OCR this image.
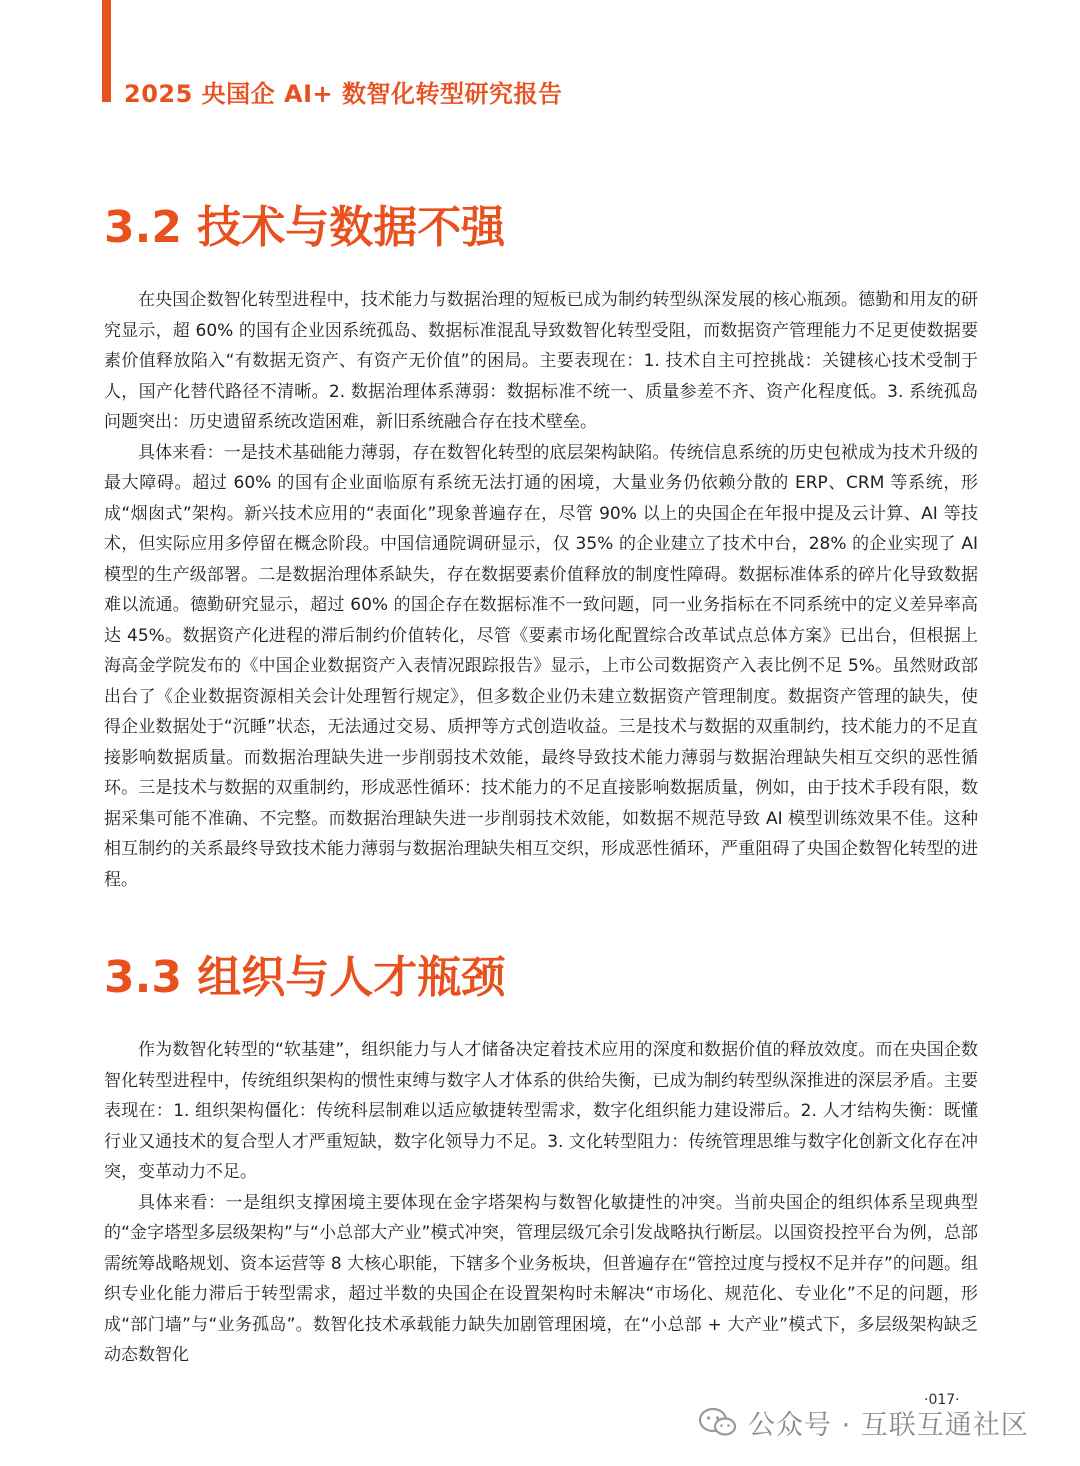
2025 央国企 AI+ 数智化转型研究报告
3.2 技术与数据不强

在央国企数智化转型进程中，技术能力与数据治理的短板已成为制约转型纵深发展的核心瓶颈。德勤和用友的研究显示，超 60% 的国有企业因系统孤岛、数据标准混乱导致数智化转型受阻，而数据资产管理能力不足更使数据要素价值释放陷入“有数据无资产、有资产无价值”的困局。主要表现在：1. 技术自主可控挑战：关键核心技术受制于人，国产化替代路径不清晰。2. 数据治理体系薄弱：数据标准不统一、质量参差不齐、资产化程度低。3. 系统孤岛问题突出：历史遗留系统改造困难，新旧系统融合存在技术壁垒。

具体来看：一是技术基础能力薄弱，存在数智化转型的底层架构缺陷。传统信息系统的历史包袱成为技术升级的最大障碍。超过 60% 的国有企业面临原有系统无法打通的困境，大量业务仍依赖分散的 ERP、CRM 等系统，形成“烟囱式”架构。新兴技术应用的“表面化”现象普遍存在，尽管 90% 以上的央国企在年报中提及云计算、AI 等技术，但实际应用多停留在概念阶段。中国信通院调研显示，仅 35% 的企业建立了技术中台，28% 的企业实现了 AI 模型的生产级部署。二是数据治理体系缺失，存在数据要素价值释放的制度性障碍。数据标准体系的碎片化导致数据难以流通。德勤研究显示，超过 60% 的国企存在数据标准不一致问题，同一业务指标在不同系统中的定义差异率高达 45%。数据资产化进程的滞后制约价值转化，尽管《要素市场化配置综合改革试点总体方案》已出台，但根据上海高金学院发布的《中国企业数据资产入表情况跟踪报告》显示，上市公司数据资产入表比例不足 5%。虽然财政部出台了《企业数据资源相关会计处理暂行规定》，但多数企业仍未建立数据资产管理制度。数据资产管理的缺失，使得企业数据处于“沉睡”状态，无法通过交易、质押等方式创造收益。三是技术与数据的双重制约，技术能力的不足直接影响数据质量。而数据治理缺失进一步削弱技术效能，最终导致技术能力薄弱与数据治理缺失相互交织的恶性循环。三是技术与数据的双重制约，形成恶性循环：技术能力的不足直接影响数据质量，例如，由于技术手段有限，数据采集可能不准确、不完整。而数据治理缺失进一步削弱技术效能，如数据不规范导致 AI 模型训练效果不佳。这种相互制约的关系最终导致技术能力薄弱与数据治理缺失相互交织，形成恶性循环，严重阻碍了央国企数智化转型的进程。

3.3 组织与人才瓶颈

作为数智化转型的“软基建”，组织能力与人才储备决定着技术应用的深度和数据价值的释放效度。而在央国企数智化转型进程中，传统组织架构的惯性束缚与数字人才体系的供给失衡，已成为制约转型纵深推进的深层矛盾。主要表现在：1. 组织架构僵化：传统科层制难以适应敏捷转型需求，数字化组织能力建设滞后。2. 人才结构失衡：既懂行业又通技术的复合型人才严重短缺，数字化领导力不足。3. 文化转型阻力：传统管理思维与数字化创新文化存在冲突，变革动力不足。

具体来看：一是组织支撑困境主要体现在金字塔架构与数智化敏捷性的冲突。当前央国企的组织体系呈现典型的“金字塔型多层级架构”与“小总部大产业”模式冲突，管理层级冗余引发战略执行断层。以国资投控平台为例，总部需统筹战略规划、资本运营等 8 大核心职能，下辖多个业务板块，但普遍存在“管控过度与授权不足并存”的问题。组织专业化能力滞后于转型需求，超过半数的央国企在设置架构时未解决“市场化、规范化、专业化”不足的问题，形成“部门墙”与“业务孤岛”。数智化技术承载能力缺失加剧管理困境，在“小总部 + 大产业”模式下，多层级架构缺乏动态数智化

·017·
公众号 · 互联互通社区
